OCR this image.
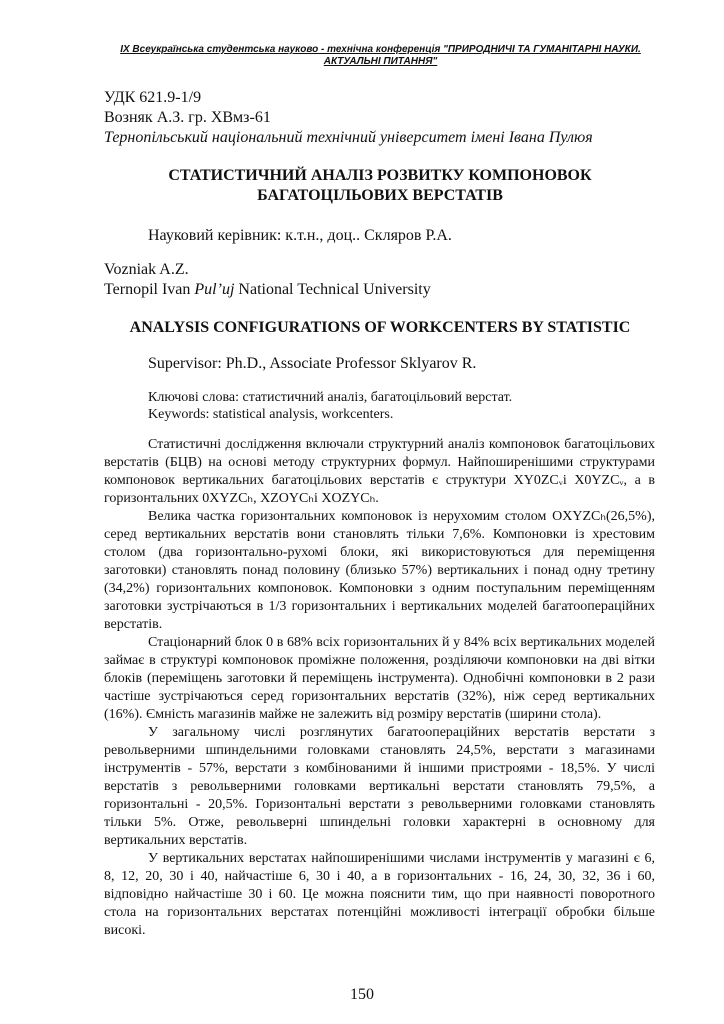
IX Всеукраїнська студентська науково - технічна конференція "ПРИРОДНИЧІ ТА ГУМАНІТАРНІ НАУКИ.
АКТУАЛЬНІ ПИТАННЯ"
УДК 621.9-1/9
Возняк А.З. гр. ХВмз-61
Тернопільський національний технічний університет імені Івана Пулюя
СТАТИСТИЧНИЙ АНАЛІЗ РОЗВИТКУ КОМПОНОВОК
БАГАТОЦІЛЬОВИХ ВЕРСТАТІВ
Науковий керівник: к.т.н., доц.. Скляров Р.А.
Vozniak A.Z.
Ternopil Ivan Pul’uj National Technical University
ANALYSIS CONFIGURATIONS OF WORKCENTERS BY STATISTIC
Supervisor: Ph.D., Associate Professor Sklyarov R.
Ключові слова: статистичний аналіз, багатоцільовий верстат.
Keywords: statistical analysis, workcenters.

Статистичні дослідження включали структурний аналіз компоновок багатоцільових верстатів (БЦВ) на основі методу структурних формул. Найпоширенішими структурами компоновок вертикальних багатоцільових верстатів є структури XY0ZCᵥі X0YZCᵥ, а в горизонтальних 0XYZCₕ, XZOYCₕі XOZYCₕ.

Велика частка горизонтальних компоновок із нерухомим столом OXYZCₕ(26,5%), серед вертикальних верстатів вони становлять тільки 7,6%. Компоновки із хрестовим столом (два горизонтально-рухомі блоки, які використовуються для переміщення заготовки) становлять понад половину (близько 57%) вертикальних і понад одну третину (34,2%) горизонтальних компоновок. Компоновки з одним поступальним переміщенням заготовки зустрічаються в 1/3 горизонтальних і вертикальних моделей багатоопераційних верстатів.

Стаціонарний блок 0 в 68% всіх горизонтальних й у 84% всіх вертикальних моделей займає в структурі компоновок проміжне положення, розділяючи компоновки на дві вітки блоків (переміщень заготовки й переміщень інструмента). Однобічні компоновки в 2 рази частіше зустрічаються серед горизонтальних верстатів (32%), ніж серед вертикальних (16%). Ємність магазинів майже не залежить від розміру верстатів (ширини стола).

У загальному числі розглянутих багатоопераційних верстатів верстати з револьверними шпиндельними головками становлять 24,5%, верстати з магазинами інструментів - 57%, верстати з комбінованими й іншими пристроями - 18,5%. У числі верстатів з револьверними головками вертикальні верстати становлять 79,5%, а горизонтальні - 20,5%. Горизонтальні верстати з револьверними головками становлять тільки 5%. Отже, револьверні шпиндельні головки характерні в основному для вертикальних верстатів.

У вертикальних верстатах найпоширенішими числами інструментів у магазині є 6, 8, 12, 20, 30 і 40, найчастіше 6, 30 і 40, а в горизонтальних - 16, 24, 30, 32, 36 і 60, відповідно найчастіше 30 і 60. Це можна пояснити тим, що при наявності поворотного стола на горизонтальних верстатах потенційні можливості інтеграції обробки більше високі.

150
